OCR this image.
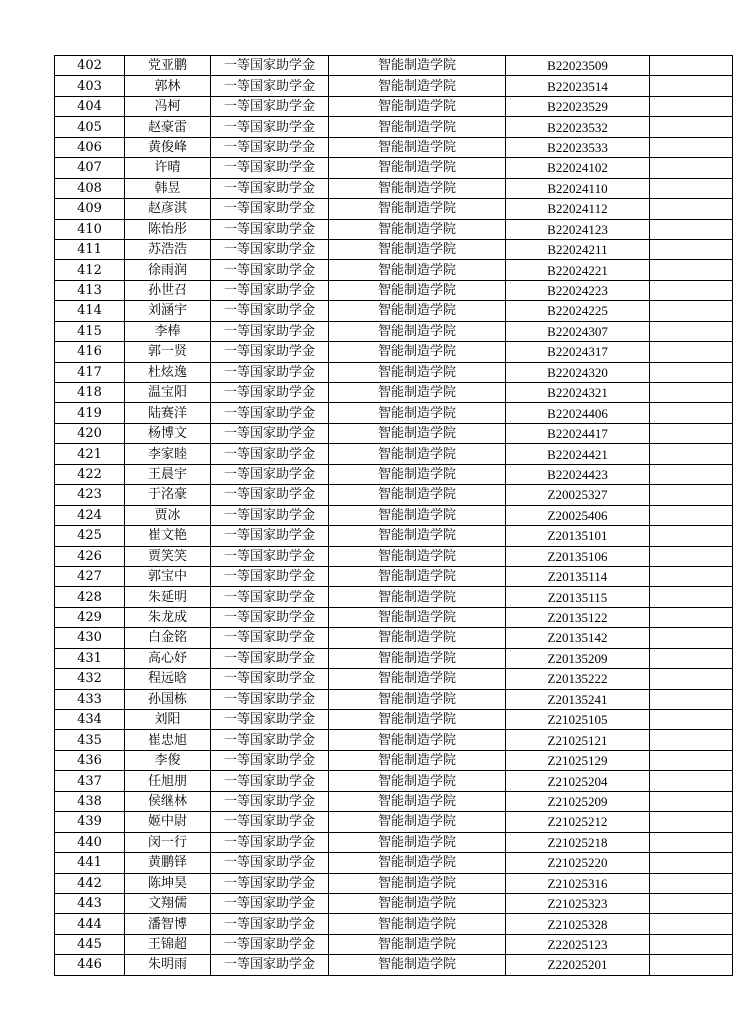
402	党亚鹏	一等国家助学金	智能制造学院	B22023509	
403	郭林	一等国家助学金	智能制造学院	B22023514	
404	冯柯	一等国家助学金	智能制造学院	B22023529	
405	赵豪雷	一等国家助学金	智能制造学院	B22023532	
406	黄俊峰	一等国家助学金	智能制造学院	B22023533	
407	许晴	一等国家助学金	智能制造学院	B22024102	
408	韩昱	一等国家助学金	智能制造学院	B22024110	
409	赵彦淇	一等国家助学金	智能制造学院	B22024112	
410	陈怡彤	一等国家助学金	智能制造学院	B22024123	
411	苏浩浩	一等国家助学金	智能制造学院	B22024211	
412	徐雨润	一等国家助学金	智能制造学院	B22024221	
413	孙世召	一等国家助学金	智能制造学院	B22024223	
414	刘涵宇	一等国家助学金	智能制造学院	B22024225	
415	李棒	一等国家助学金	智能制造学院	B22024307	
416	郭一贤	一等国家助学金	智能制造学院	B22024317	
417	杜炫逸	一等国家助学金	智能制造学院	B22024320	
418	温宝阳	一等国家助学金	智能制造学院	B22024321	
419	陆赛洋	一等国家助学金	智能制造学院	B22024406	
420	杨博文	一等国家助学金	智能制造学院	B22024417	
421	李家睦	一等国家助学金	智能制造学院	B22024421	
422	王晨宇	一等国家助学金	智能制造学院	B22024423	
423	于洺豪	一等国家助学金	智能制造学院	Z20025327	
424	贾冰	一等国家助学金	智能制造学院	Z20025406	
425	崔文艳	一等国家助学金	智能制造学院	Z20135101	
426	贾笑笑	一等国家助学金	智能制造学院	Z20135106	
427	郭宝中	一等国家助学金	智能制造学院	Z20135114	
428	朱延明	一等国家助学金	智能制造学院	Z20135115	
429	朱龙成	一等国家助学金	智能制造学院	Z20135122	
430	白金铭	一等国家助学金	智能制造学院	Z20135142	
431	高心妤	一等国家助学金	智能制造学院	Z20135209	
432	程远晗	一等国家助学金	智能制造学院	Z20135222	
433	孙国栋	一等国家助学金	智能制造学院	Z20135241	
434	刘阳	一等国家助学金	智能制造学院	Z21025105	
435	崔忠旭	一等国家助学金	智能制造学院	Z21025121	
436	李俊	一等国家助学金	智能制造学院	Z21025129	
437	任旭朋	一等国家助学金	智能制造学院	Z21025204	
438	侯继林	一等国家助学金	智能制造学院	Z21025209	
439	姬中尉	一等国家助学金	智能制造学院	Z21025212	
440	闵一行	一等国家助学金	智能制造学院	Z21025218	
441	黄鹏铎	一等国家助学金	智能制造学院	Z21025220	
442	陈坤昊	一等国家助学金	智能制造学院	Z21025316	
443	文翔儒	一等国家助学金	智能制造学院	Z21025323	
444	潘智博	一等国家助学金	智能制造学院	Z21025328	
445	王锦超	一等国家助学金	智能制造学院	Z22025123	
446	朱明雨	一等国家助学金	智能制造学院	Z22025201	
